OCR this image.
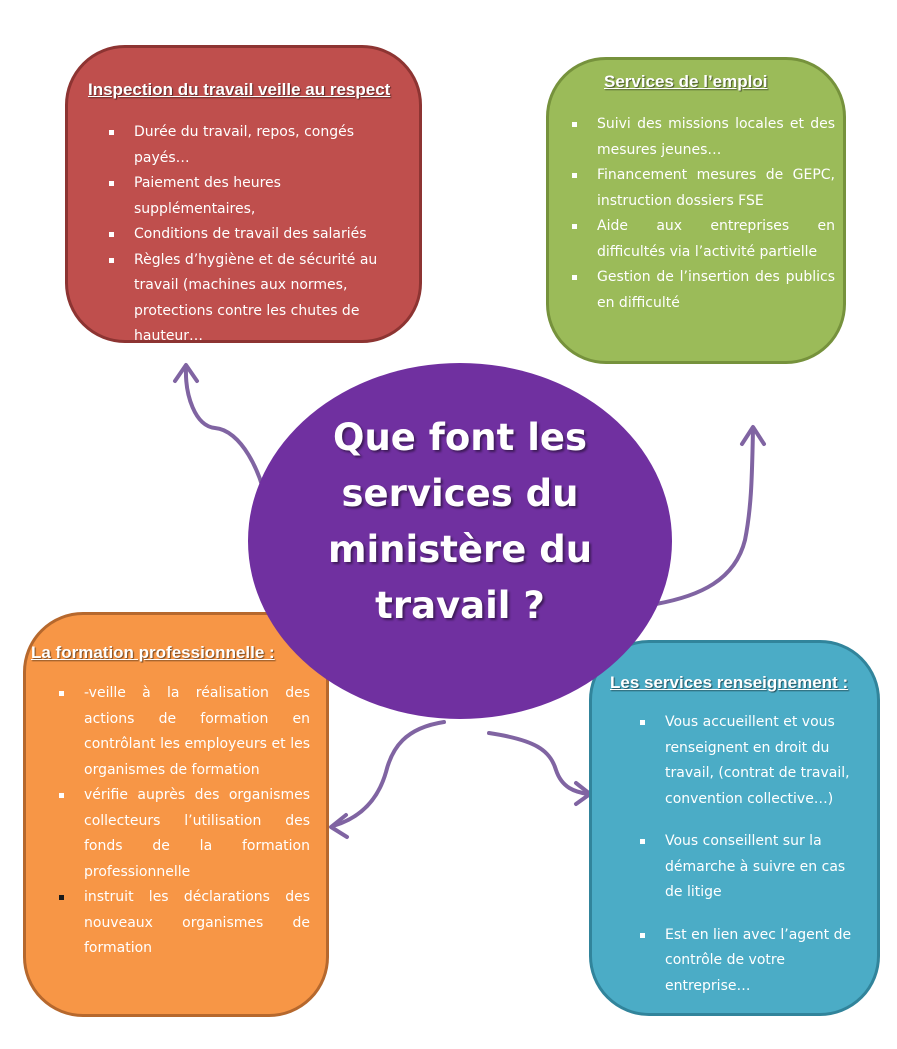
Inspection du travail veille au respect
Durée du travail, repos, congés payés…
Paiement des heures supplémentaires,
Conditions de travail des salariés
Règles d’hygiène et de sécurité au travail (machines aux normes, protections contre les chutes de hauteur…
Services de l’emploi
Suivi des missions locales et des mesures jeunes…
Financement mesures de GEPC, instruction dossiers FSE
Aide aux entreprises en difficultés via l’activité partielle
Gestion de l’insertion des publics en difficulté
La formation professionnelle :
-veille à la réalisation des actions de formation en contrôlant les employeurs et les organismes de formation
vérifie auprès des organismes collecteurs l’utilisation des fonds de la formation professionnelle
instruit les déclarations des nouveaux organismes de formation
Les services renseignement :
Vous accueillent et vous renseignent en droit du travail, (contrat de travail, convention collective…)
Vous conseillent sur la démarche à suivre en cas de litige
Est en lien avec l’agent de contrôle de votre entreprise…
Que font les
services du
ministère du
travail ?
